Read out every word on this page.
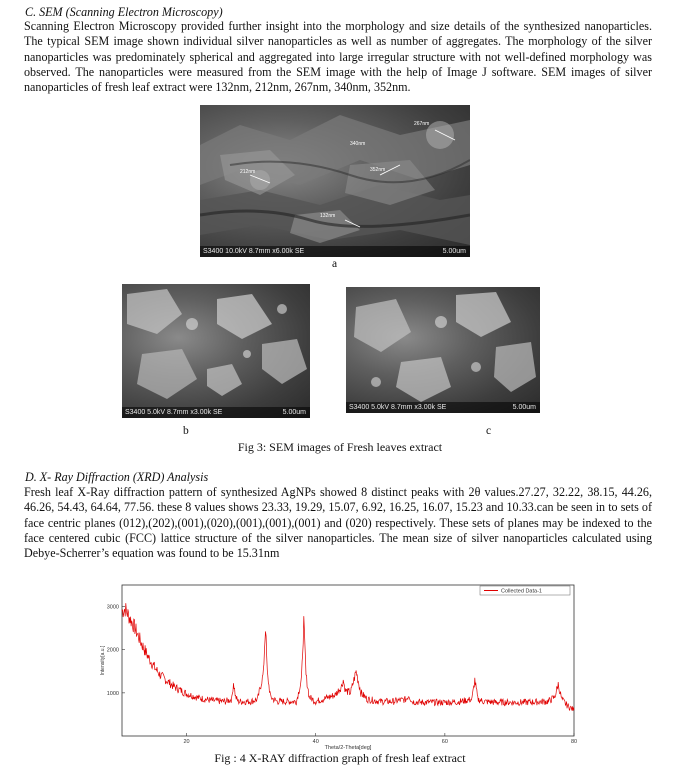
C. SEM (Scanning Electron Microscopy)

Scanning Electron Microscopy provided further insight into the morphology and size details of the synthesized nanoparticles. The typical SEM image shown individual silver nanoparticles as well as number of aggregates. The morphology of the silver nanoparticles was predominately spherical and aggregated into large irregular structure with not well-defined morphology was observed. The nanoparticles were measured from the SEM image with the help of Image J software. SEM images of silver nanoparticles of fresh leaf extract were 132nm, 212nm, 267nm, 340nm, 352nm.

267nm
212nm	352nm
340nm
132nm
S3400 10.0kV 8.7mm x6.00k SE	5.00um
a
S3400 5.0kV 8.7mm x3.00k SE	5.00um
b
S3400 5.0kV 8.7mm x3.00k SE	5.00um
c
Fig 3: SEM images of Fresh leaves extract
D. X- Ray Diffraction (XRD) Analysis

Fresh leaf X-Ray diffraction pattern of synthesized AgNPs showed 8 distinct peaks with 2θ values.27.27, 32.22, 38.15, 44.26, 46.26, 54.43, 64.64, 77.56. these 8 values shows 23.33, 19.29, 15.07, 6.92, 16.25, 16.07, 15.23 and 10.33.can be seen in to sets of face centric planes (012),(202),(001),(020),(001),(001),(001) and (020) respectively. These sets of planes may be indexed to the face centered cubic (FCC) lattice structure of the silver nanoparticles. The mean size of silver nanoparticles calculated using Debye-Scherrer’s equation was found to be 15.31nm

1000
2000
3000
20	40	60	80
Theta/2-Theta[deg]
Intensity[a.u.]
Collected Data-1
Fig : 4 X-RAY diffraction graph of fresh leaf extract
